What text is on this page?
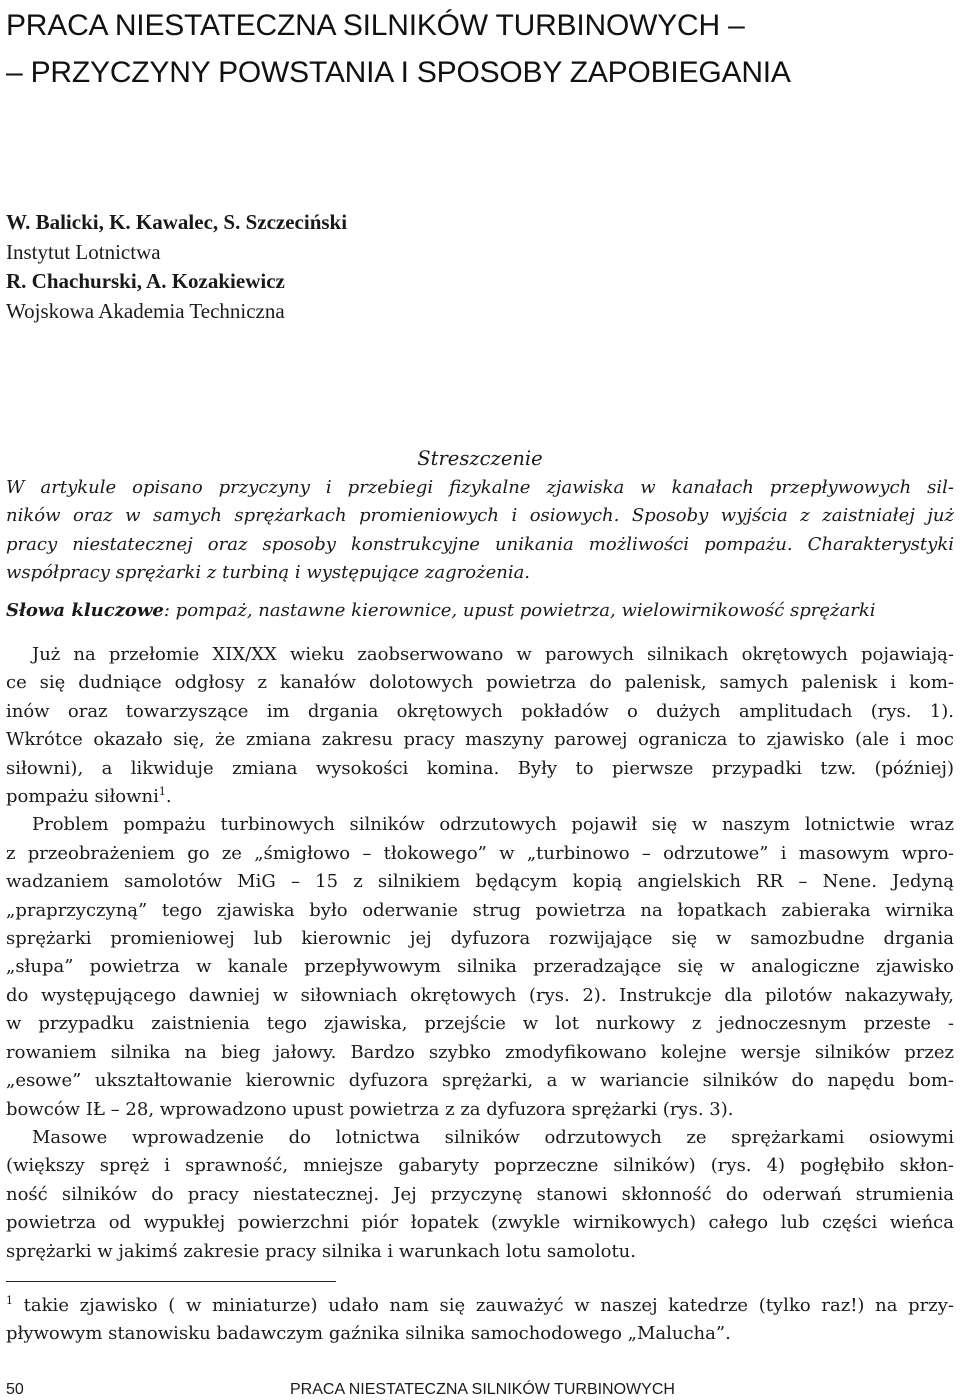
PRACA NIESTATECZNA SILNIKÓW TURBINOWYCH –
– PRZYCZYNY POWSTANIA I SPOSOBY ZAPOBIEGANIA
W. Balicki, K. Kawalec, S. Szczeciński
Instytut Lotnictwa
R. Chachurski, A. Kozakiewicz
Wojskowa Akademia Techniczna
Streszczenie
W artykule opisano przyczyny i przebiegi fizykalne zjawiska w kanałach przepływowych sil-
ników oraz w samych sprężarkach promieniowych i osiowych. Sposoby wyjścia z zaistniałej już
pracy niestatecznej oraz sposoby konstrukcyjne unikania możliwości pompażu. Charakterystyki
współpracy sprężarki z turbiną i występujące zagrożenia.
Słowa kluczowe: pompaż, nastawne kierownice, upust powietrza, wielowirnikowość sprężarki
Już na przełomie XIX/XX wieku zaobserwowano w parowych silnikach okrętowych pojawiają-
ce się dudniące odgłosy z kanałów dolotowych powietrza do palenisk, samych palenisk i kom-
inów oraz towarzyszące im drgania okrętowych pokładów o dużych amplitudach (rys. 1).
Wkrótce okazało się, że zmiana zakresu pracy maszyny parowej ogranicza to zjawisko (ale i moc
siłowni), a likwiduje zmiana wysokości komina. Były to pierwsze przypadki tzw. (później)
pompażu siłowni$^1$.
Problem pompażu turbinowych silników odrzutowych pojawił się w naszym lotnictwie wraz
z przeobrażeniem go ze „śmigłowo – tłokowego” w „turbinowo – odrzutowe” i masowym wpro-
wadzaniem samolotów MiG – 15 z silnikiem będącym kopią angielskich RR – Nene. Jedyną
„praprzyczyną” tego zjawiska było oderwanie strug powietrza na łopatkach zabieraka wirnika
sprężarki promieniowej lub kierownic jej dyfuzora rozwijające się w samozbudne drgania
„słupa” powietrza w kanale przepływowym silnika przeradzające się w analogiczne zjawisko
do występującego dawniej w siłowniach okrętowych (rys. 2). Instrukcje dla pilotów nakazywały,
w przypadku zaistnienia tego zjawiska, przejście w lot nurkowy z jednoczesnym przeste -
rowaniem silnika na bieg jałowy. Bardzo szybko zmodyfikowano kolejne wersje silników przez
„esowe” ukształtowanie kierownic dyfuzora sprężarki, a w wariancie silników do napędu bom-
bowców IŁ – 28, wprowadzono upust powietrza z za dyfuzora sprężarki (rys. 3).
Masowe wprowadzenie do lotnictwa silników odrzutowych ze sprężarkami osiowymi
(większy spręż i sprawność, mniejsze gabaryty poprzeczne silników) (rys. 4) pogłębiło skłon-
ność silników do pracy niestatecznej. Jej przyczynę stanowi skłonność do oderwań strumienia
powietrza od wypukłej powierzchni piór łopatek (zwykle wirnikowych) całego lub części wieńca
sprężarki w jakimś zakresie pracy silnika i warunkach lotu samolotu.
$^1$ takie zjawisko ( w miniaturze) udało nam się zauważyć w naszej katedrze (tylko raz!) na przy-
pływowym stanowisku badawczym gaźnika silnika samochodowego „Malucha”.
50	PRACA NIESTATECZNA SILNIKÓW TURBINOWYCH
